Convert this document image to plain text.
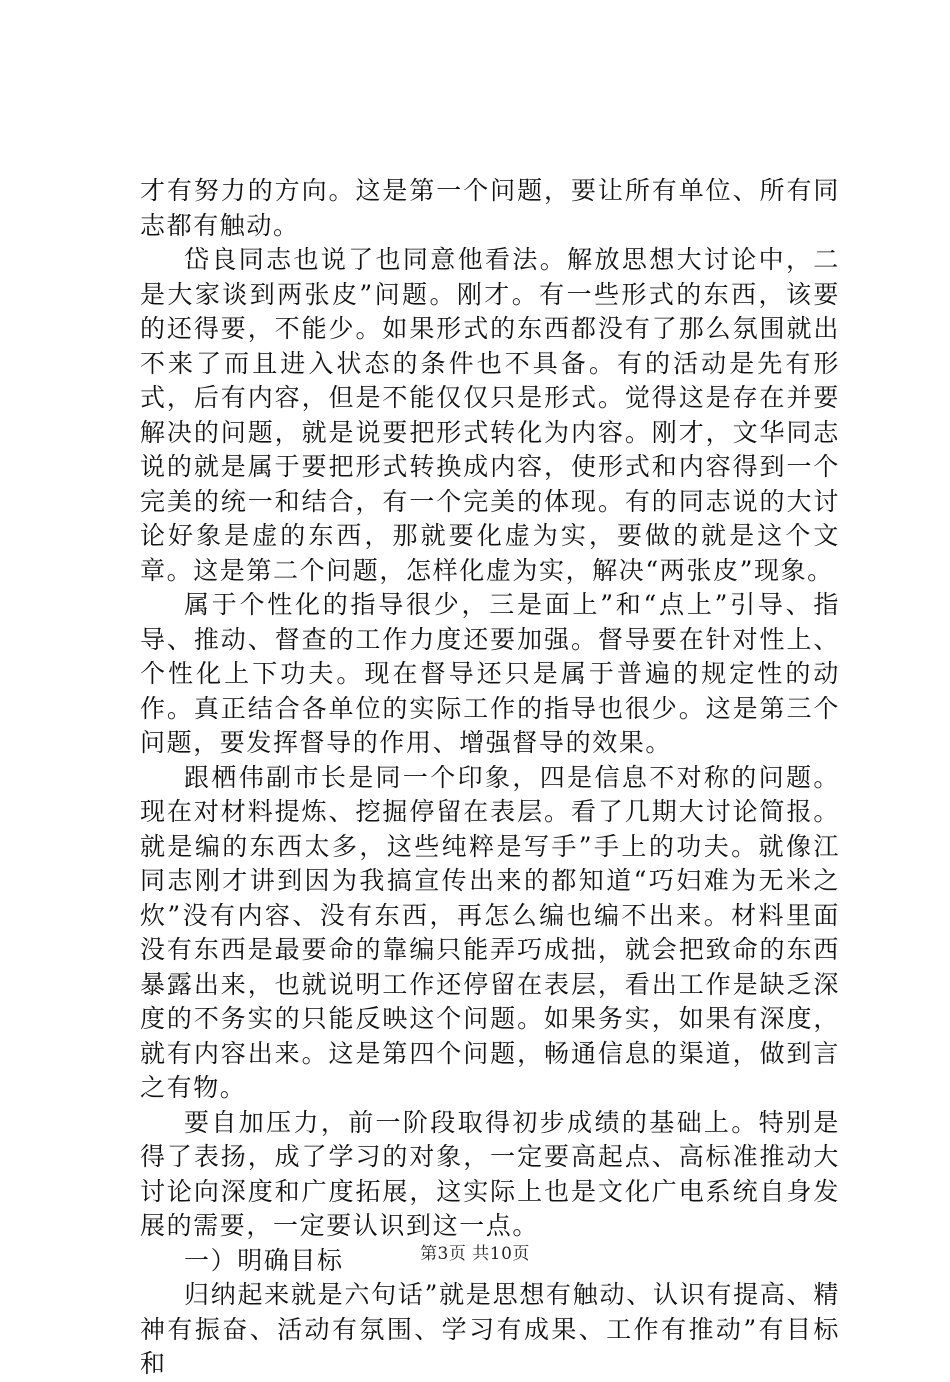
才有努力的方向。这是第一个问题，要让所有单位、所有同志都有触动。

岱良同志也说了也同意他看法。解放思想大讨论中，二是大家谈到两张皮”问题。刚才。有一些形式的东西，该要的还得要，不能少。如果形式的东西都没有了那么氛围就出不来了而且进入状态的条件也不具备。有的活动是先有形式，后有内容，但是不能仅仅只是形式。觉得这是存在并要解决的问题，就是说要把形式转化为内容。刚才，文华同志说的就是属于要把形式转换成内容，使形式和内容得到一个完美的统一和结合，有一个完美的体现。有的同志说的大讨论好象是虚的东西，那就要化虚为实，要做的就是这个文章。这是第二个问题，怎样化虚为实，解决“两张皮”现象。

属于个性化的指导很少，三是面上”和“点上”引导、指导、推动、督查的工作力度还要加强。督导要在针对性上、个性化上下功夫。现在督导还只是属于普遍的规定性的动作。真正结合各单位的实际工作的指导也很少。这是第三个问题，要发挥督导的作用、增强督导的效果。

跟栖伟副市长是同一个印象，四是信息不对称的问题。现在对材料提炼、挖掘停留在表层。看了几期大讨论简报。就是编的东西太多，这些纯粹是写手”手上的功夫。就像江同志刚才讲到因为我搞宣传出来的都知道“巧妇难为无米之炊”没有内容、没有东西，再怎么编也编不出来。材料里面没有东西是最要命的靠编只能弄巧成拙，就会把致命的东西暴露出来，也就说明工作还停留在表层，看出工作是缺乏深度的不务实的只能反映这个问题。如果务实，如果有深度，就有内容出来。这是第四个问题，畅通信息的渠道，做到言之有物。

要自加压力，前一阶段取得初步成绩的基础上。特别是得了表扬，成了学习的对象，一定要高起点、高标准推动大讨论向深度和广度拓展，这实际上也是文化广电系统自身发展的需要，一定要认识到这一点。

一）明确目标

归纳起来就是六句话”就是思想有触动、认识有提高、精神有振奋、活动有氛围、学习有成果、工作有推动”有目标和

第3页 共10页
